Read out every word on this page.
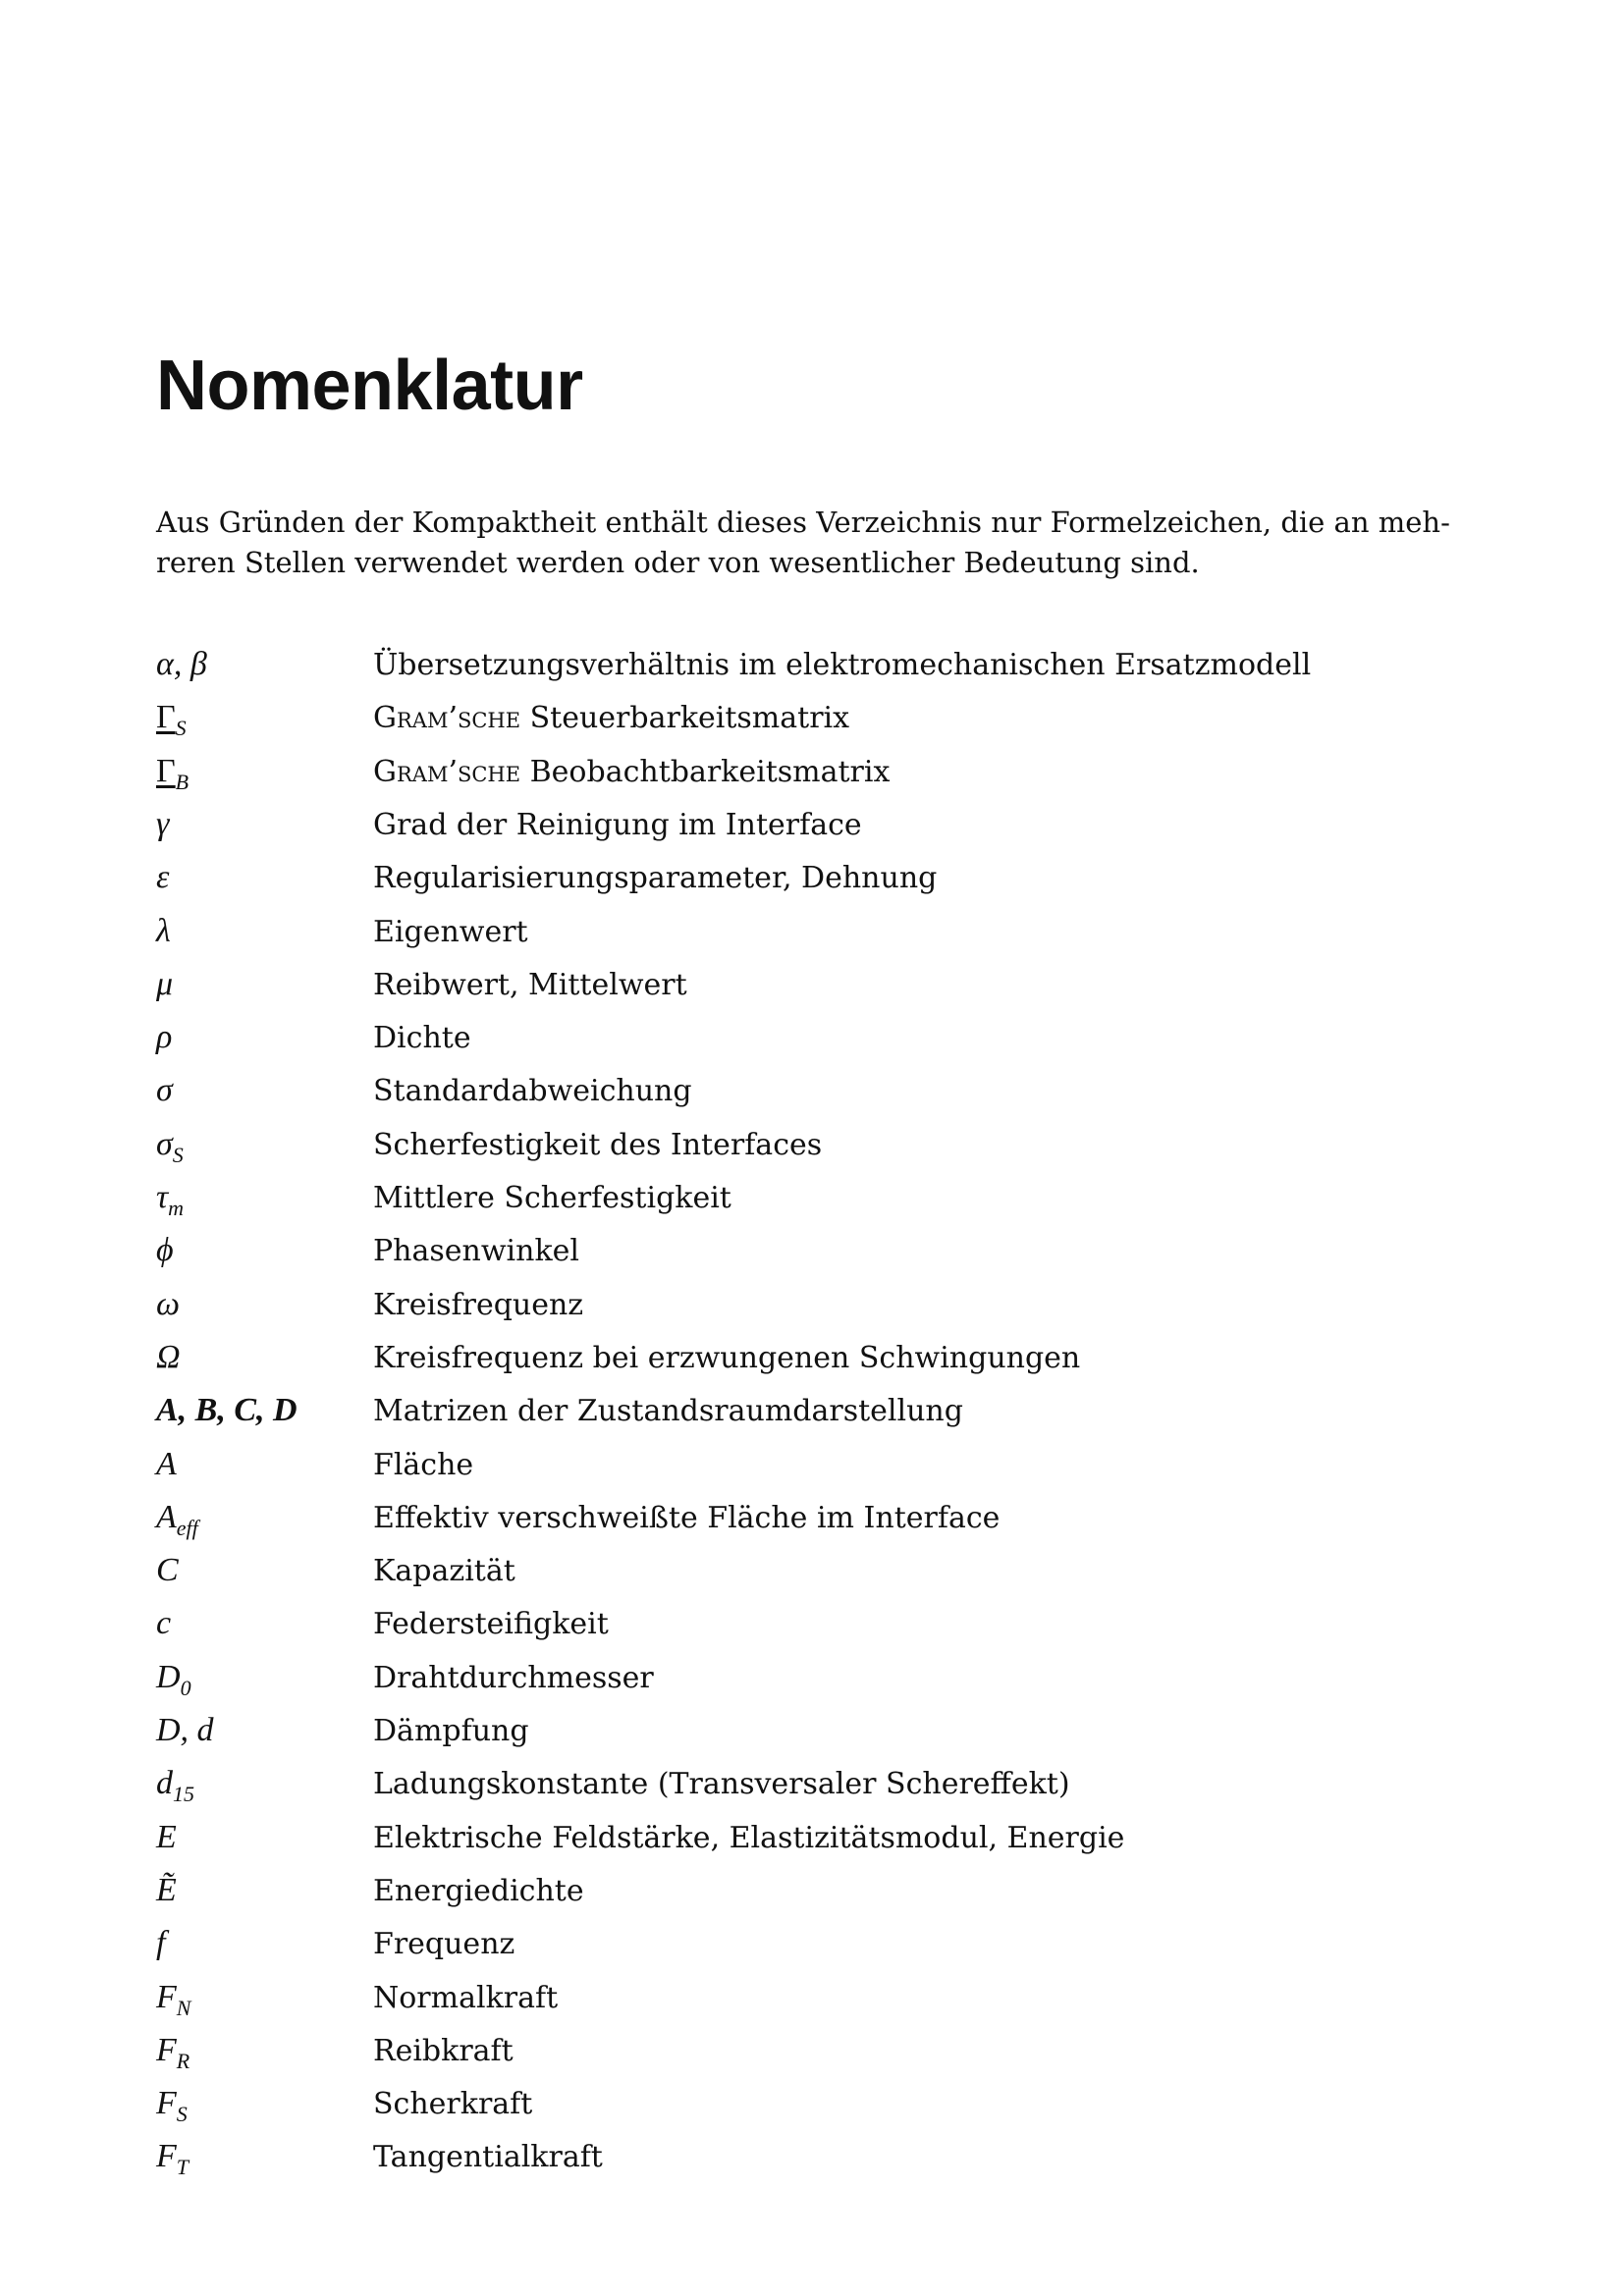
Nomenklatur
Aus Gründen der Kompaktheit enthält dieses Verzeichnis nur Formelzeichen, die an meh-
reren Stellen verwendet werden oder von wesentlicher Bedeutung sind.
α, β	Übersetzungsverhältnis im elektromechanischen Ersatzmodell
$\Gamma_S$	Gram’sche Steuerbarkeitsmatrix
$\Gamma_B$	Gram’sche Beobachtbarkeitsmatrix
γ	Grad der Reinigung im Interface
ε	Regularisierungsparameter, Dehnung
λ	Eigenwert
μ	Reibwert, Mittelwert
ρ	Dichte
σ	Standardabweichung
$\sigma_S$	Scherfestigkeit des Interfaces
$\tau_m$	Mittlere Scherfestigkeit
ϕ	Phasenwinkel
ω	Kreisfrequenz
Ω	Kreisfrequenz bei erzwungenen Schwingungen
A, B, C, D	Matrizen der Zustandsraumdarstellung
A	Fläche
$A_{eff}$	Effektiv verschweißte Fläche im Interface
C	Kapazität
c	Federsteifigkeit
$D_0$	Drahtdurchmesser
D, d	Dämpfung
$d_{15}$	Ladungskonstante (Transversaler Schereffekt)
E	Elektrische Feldstärke, Elastizitätsmodul, Energie
Ẽ	Energiedichte
f	Frequenz
$F_N$	Normalkraft
$F_R$	Reibkraft
$F_S$	Scherkraft
$F_T$	Tangentialkraft
